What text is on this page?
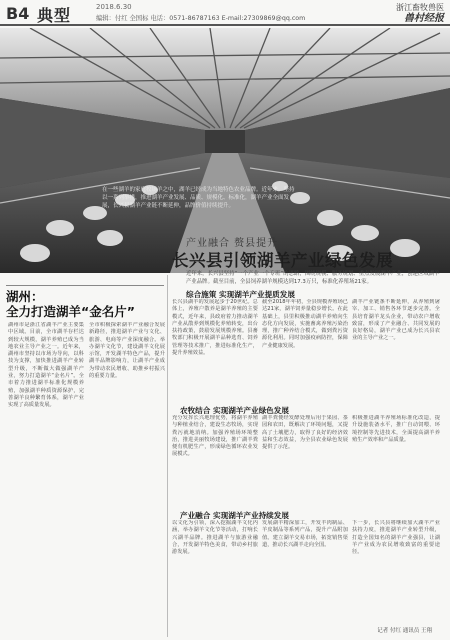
B4 典型	2018.6.30
编辑：付红 全国标 电话：0571-86787163 E-mail:27309869@qq.com
浙江畜牧兽医
兽村经报
在一些湖羊的家庭牧场羊之中，湖羊已经成为当地特色农业品牌。近年来，坚持以一系列举措，推进湖羊产业发展、品质、规模化、标准化，湖羊产业全面发展，长兴县湖羊产业链不断延伸，品牌价值持续提升。
产业融合 赘县提升
长兴县引领湖羊产业绿色发展
近年来，长兴县坚持“一个产业一个专班”的思路，围绕规模、服务规划、重点发展湖羊产业，创建区域湖羊产业品牌。截至目前，全县饲养湖羊规模达到17.3万只，标准化养殖场21家。
湖州：
全力打造湖羊“金名片”
湖州市是浙江省湖羊产业主要集中区域。目前，全市湖羊存栏达到较大规模，湖羊养殖已成为当地农业主导产业之一。近年来，湖州市坚持以市场为导向，以科技为支撑，加快推进湖羊产业转型升级，不断做大做强湖羊产业，努力打造湖羊“金名片”。全市着力推进湖羊标准化规模养殖，加强湖羊种质资源保护，完善湖羊良种繁育体系，湖羊产业实现了高质量发展。
全市积极探索湖羊产业融合发展新路径，推进湖羊产业与文化、旅游、电商等产业深度融合。举办湖羊文化节，建设湖羊文化展示馆，开发湖羊特色产品，提升湖羊品牌影响力，让湖羊产业成为带动农民增收、助推乡村振兴的重要力量。
综合施策 实现湖羊产业提质发展
长兴县湖羊的发展起步于20世纪。总体上，养殖户散养是湖羊养殖的主要模式，近年来，县政府着力推动湖羊产业从散养到规模化养殖转变，出台扶持政策，鼓励发展规模养殖。县畜牧部门积极开展湖羊品种选育、饲养管理等技术推广，推进标准化生产，提升养殖效益。
截至2018年年初，全县规模养殖场已达21家，湖羊饲养量稳步增长。在此基础上，县里积极推动湖羊养殖向生态化方向发展，实施畜禽养殖污染治理，推广种养结合模式，做到粪污资源化利用。同时加强疫病防控，保障产业健康发展。
湖羊产业链条不断延伸，从养殖到屠宰、加工、销售各环节逐步完善。全县培育湖羊龙头企业，带动农户增收致富，形成了产业融合、共同发展的良好格局，湖羊产业已成为长兴县农业的主导产业之一。
农牧结合 实现湖羊产业绿色发展
充分发挥长兴地理优势，将湖羊养殖与种植业结合，建设生态牧场，实现粪污就地消纳。加强养殖场环境整治，推进美丽牧场建设，推广湖羊粪便有机肥生产，形成绿色循环农业发展模式。
湖羊粪便经发酵处理后用于果园、茶园和农田，既解决了环境问题，又提高了土壤肥力，取得了良好的经济效益和生态效益，为全县农业绿色发展提供了示范。
积极推进湖羊养殖场标准化改造，提升设施装备水平，推广自动饲喂、环境控制等先进技术，全面提高湖羊养殖生产效率和产品质量。
产业融合 实现湖羊产业持续发展
以文化为引领，深入挖掘湖羊文化内涵，举办湖羊文化节等活动，打响长兴湖羊品牌。推进湖羊与旅游业融合，开发湖羊特色美食，带动乡村旅游发展。
发展湖羊精深加工，开发羊肉制品、羊皮制品等系列产品，提升产品附加值。建立湖羊交易市场，拓宽销售渠道，推动长兴湖羊走向全国。
下一步，长兴县将继续加大湖羊产业扶持力度，推进湖羊产业转型升级，打造全国知名的湖羊产业强县，让湖羊产业成为农民增收致富的重要途径。
记者 付红 通讯员 王翔
